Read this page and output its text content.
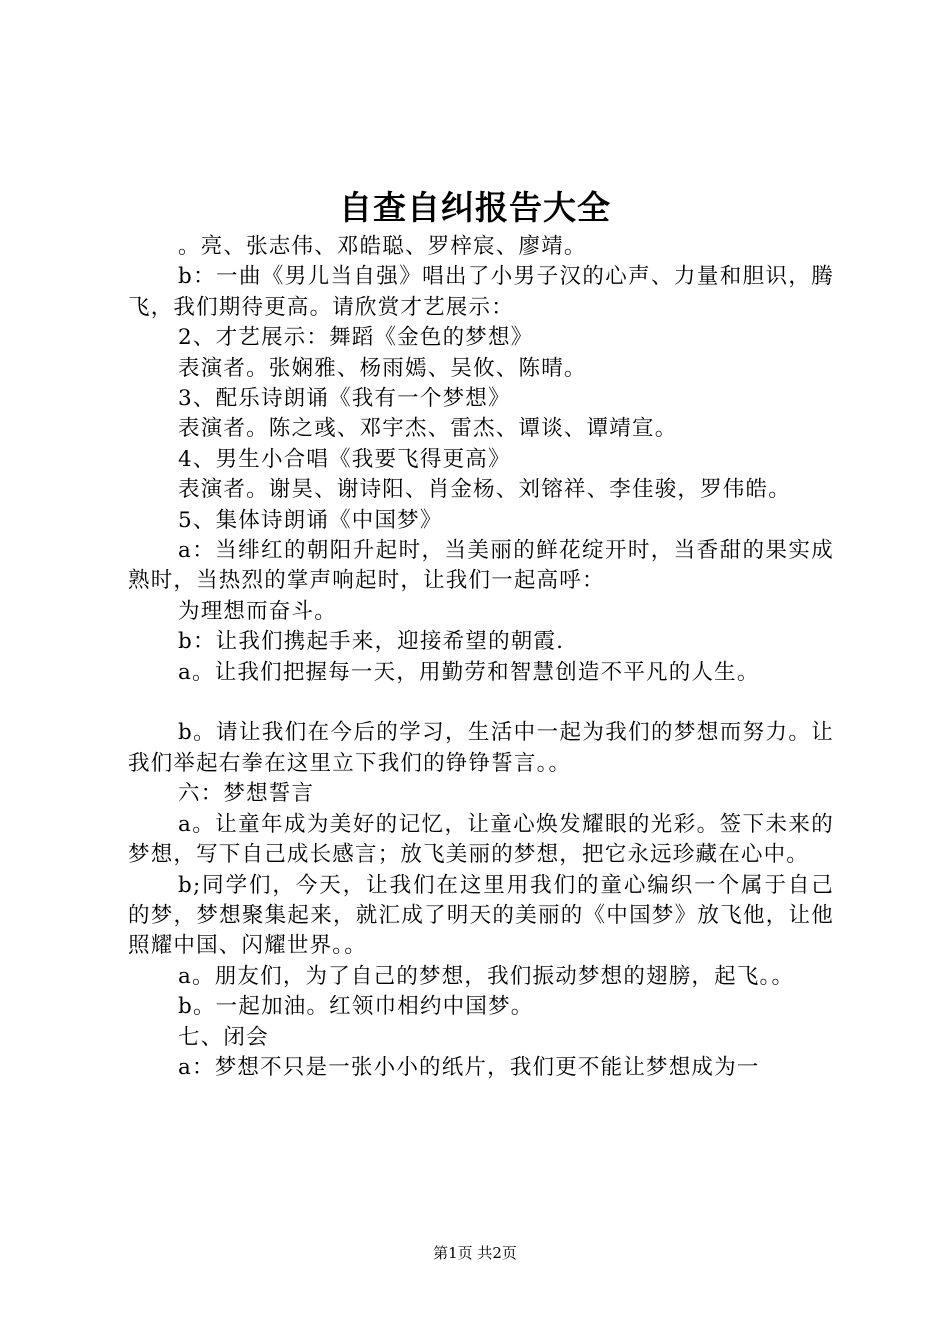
自查自纠报告大全

。亮、张志伟、邓皓聪、罗梓宸、廖靖。

b：一曲《男儿当自强》唱出了小男子汉的心声、力量和胆识，腾飞，我们期待更高。请欣赏才艺展示：

2、才艺展示：舞蹈《金色的梦想》

表演者。张娴雅、杨雨嫣、吴攸、陈晴。

3、配乐诗朗诵《我有一个梦想》

表演者。陈之彧、邓宇杰、雷杰、谭谈、谭靖宣。

4、男生小合唱《我要飞得更高》

表演者。谢昊、谢诗阳、肖金杨、刘镕祥、李佳骏，罗伟皓。

5、集体诗朗诵《中国梦》

a：当绯红的朝阳升起时，当美丽的鲜花绽开时，当香甜的果实成熟时，当热烈的掌声响起时，让我们一起高呼：

为理想而奋斗。

b：让我们携起手来，迎接希望的朝霞.

a。让我们把握每一天，用勤劳和智慧创造不平凡的人生。

b。请让我们在今后的学习，生活中一起为我们的梦想而努力。让我们举起右拳在这里立下我们的铮铮誓言。。

六：梦想誓言

a。让童年成为美好的记忆，让童心焕发耀眼的光彩。签下未来的梦想，写下自己成长感言；放飞美丽的梦想，把它永远珍藏在心中。

b;同学们，今天，让我们在这里用我们的童心编织一个属于自己的梦，梦想聚集起来，就汇成了明天的美丽的《中国梦》放飞他，让他照耀中国、闪耀世界。。

a。朋友们，为了自己的梦想，我们振动梦想的翅膀，起飞。。

b。一起加油。红领巾相约中国梦。

七、闭会

a：梦想不只是一张小小的纸片，我们更不能让梦想成为一

第1页 共2页
